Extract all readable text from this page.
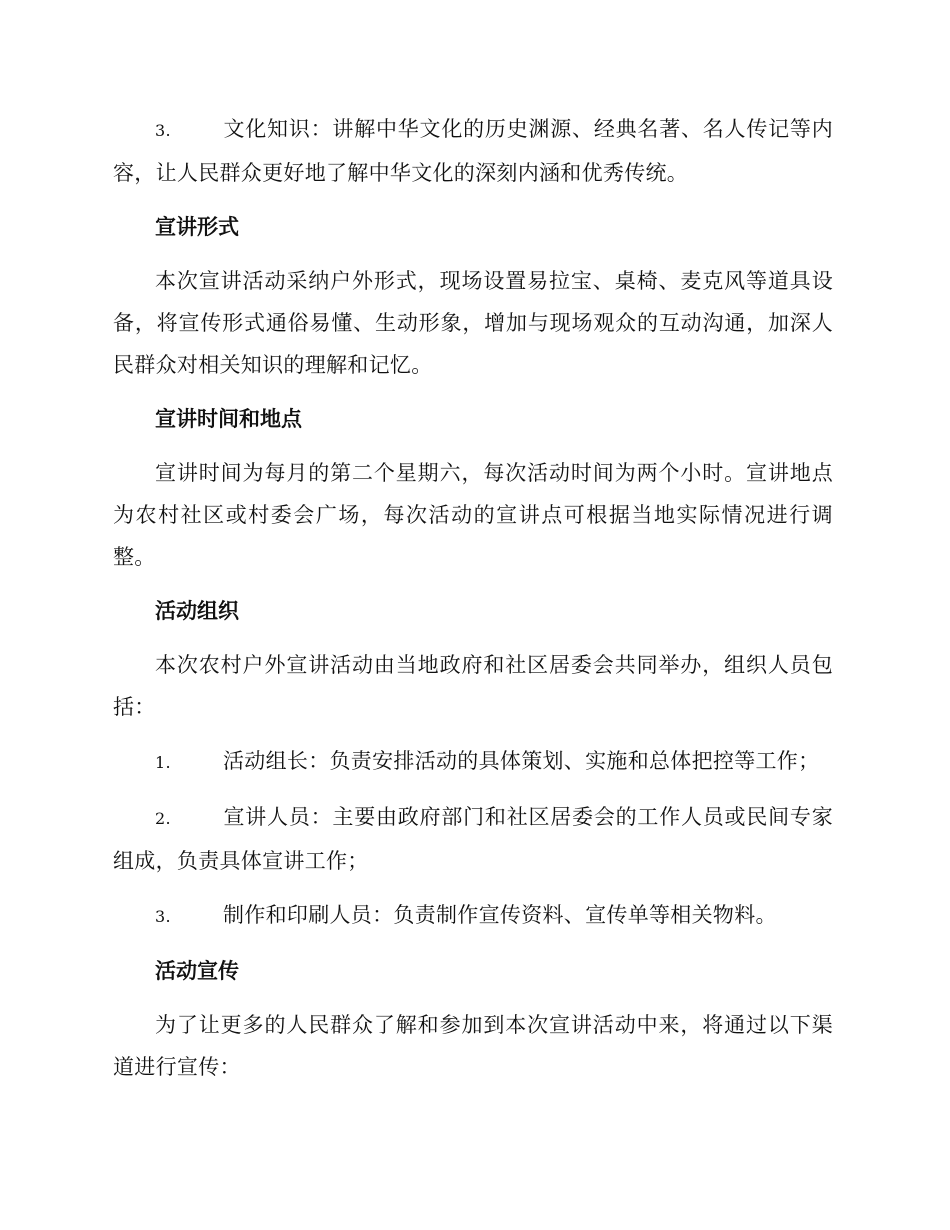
3. 文化知识：讲解中华文化的历史渊源、经典名著、名人传记等内容，让人民群众更好地了解中华文化的深刻内涵和优秀传统。

宣讲形式

本次宣讲活动采纳户外形式，现场设置易拉宝、桌椅、麦克风等道具设备，将宣传形式通俗易懂、生动形象，增加与现场观众的互动沟通，加深人民群众对相关知识的理解和记忆。

宣讲时间和地点

宣讲时间为每月的第二个星期六，每次活动时间为两个小时。宣讲地点为农村社区或村委会广场，每次活动的宣讲点可根据当地实际情况进行调整。

活动组织

本次农村户外宣讲活动由当地政府和社区居委会共同举办，组织人员包括：

1. 活动组长：负责安排活动的具体策划、实施和总体把控等工作；

2. 宣讲人员：主要由政府部门和社区居委会的工作人员或民间专家组成，负责具体宣讲工作；

3. 制作和印刷人员：负责制作宣传资料、宣传单等相关物料。

活动宣传

为了让更多的人民群众了解和参加到本次宣讲活动中来，将通过以下渠道进行宣传：
